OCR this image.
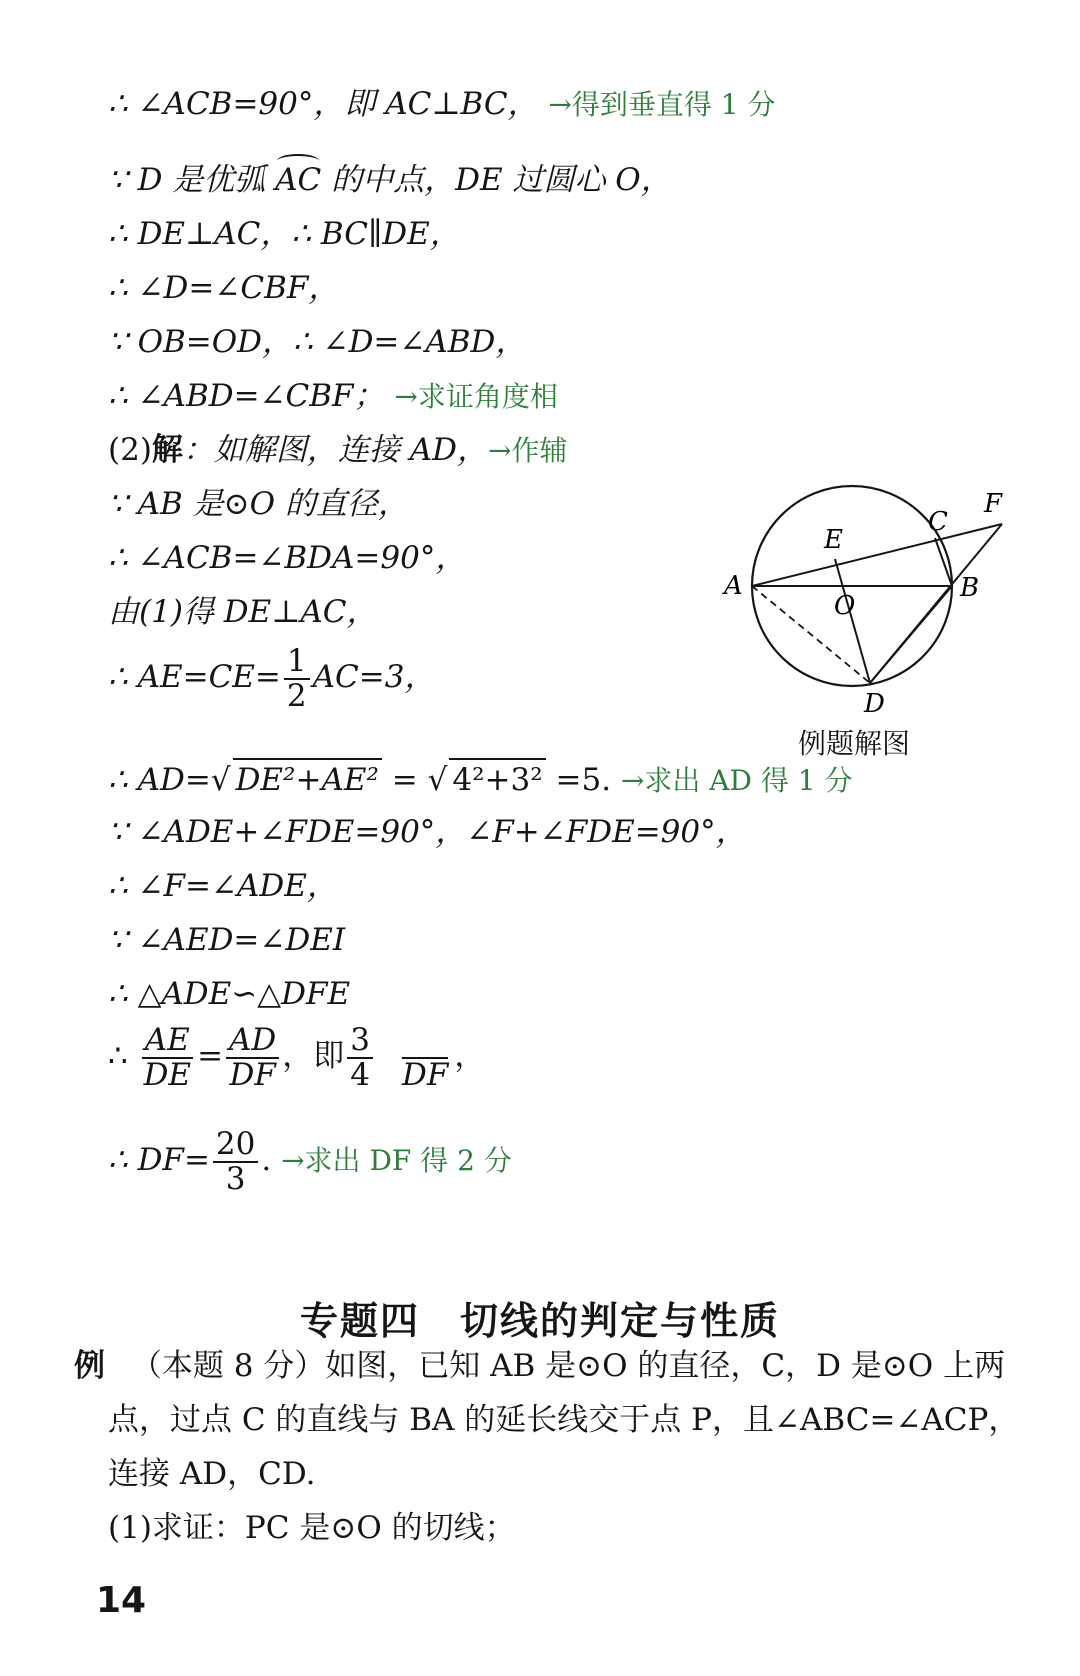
∴ ∠ACB=90°，即 AC⊥BC， →得到垂直得 1 分
∵ D 是优弧 AC 的中点，DE 过圆心 O，
∴ DE⊥AC，∴ BC∥DE，
∴ ∠D=∠CBF，
∵ OB=OD，∴ ∠D=∠ABD，
∴ ∠ABD=∠CBF； →求证角度相
(2)解：如解图，连接 AD，→作辅
∵ AB 是⊙O 的直径，
∴ ∠ACB=∠BDA=90°，
由(1)得 DE⊥AC，
∴ $AE=CE= \frac{1}{2} AC=3$，
∴ AD=√ DE²+AE² = √ 4²+3² =5. →求出 AD 得 1 分
∵ ∠ADE+∠FDE=90°，∠F+∠FDE=90°，
∴ ∠F=∠ADE，
∵ ∠AED=∠DEI
∴ △ADE∽△DFE
∴ $\frac{AE}{DE} = \frac{AD}{DF}$ ，即 $\frac{3}{4}$
DF
，
∴ $DF= \frac{20}{3}$ . →求出 DF 得 2 分
A	B
C
D
E
F
O
例题解图
专题四　切线的判定与性质
例 （本题 8 分）如图，已知 AB 是⊙O 的直径，C，D 是⊙O 上两
点，过点 C 的直线与 BA 的延长线交于点 P，且∠ABC=∠ACP，
连接 AD，CD.
(1)求证：PC 是⊙O 的切线；
14
